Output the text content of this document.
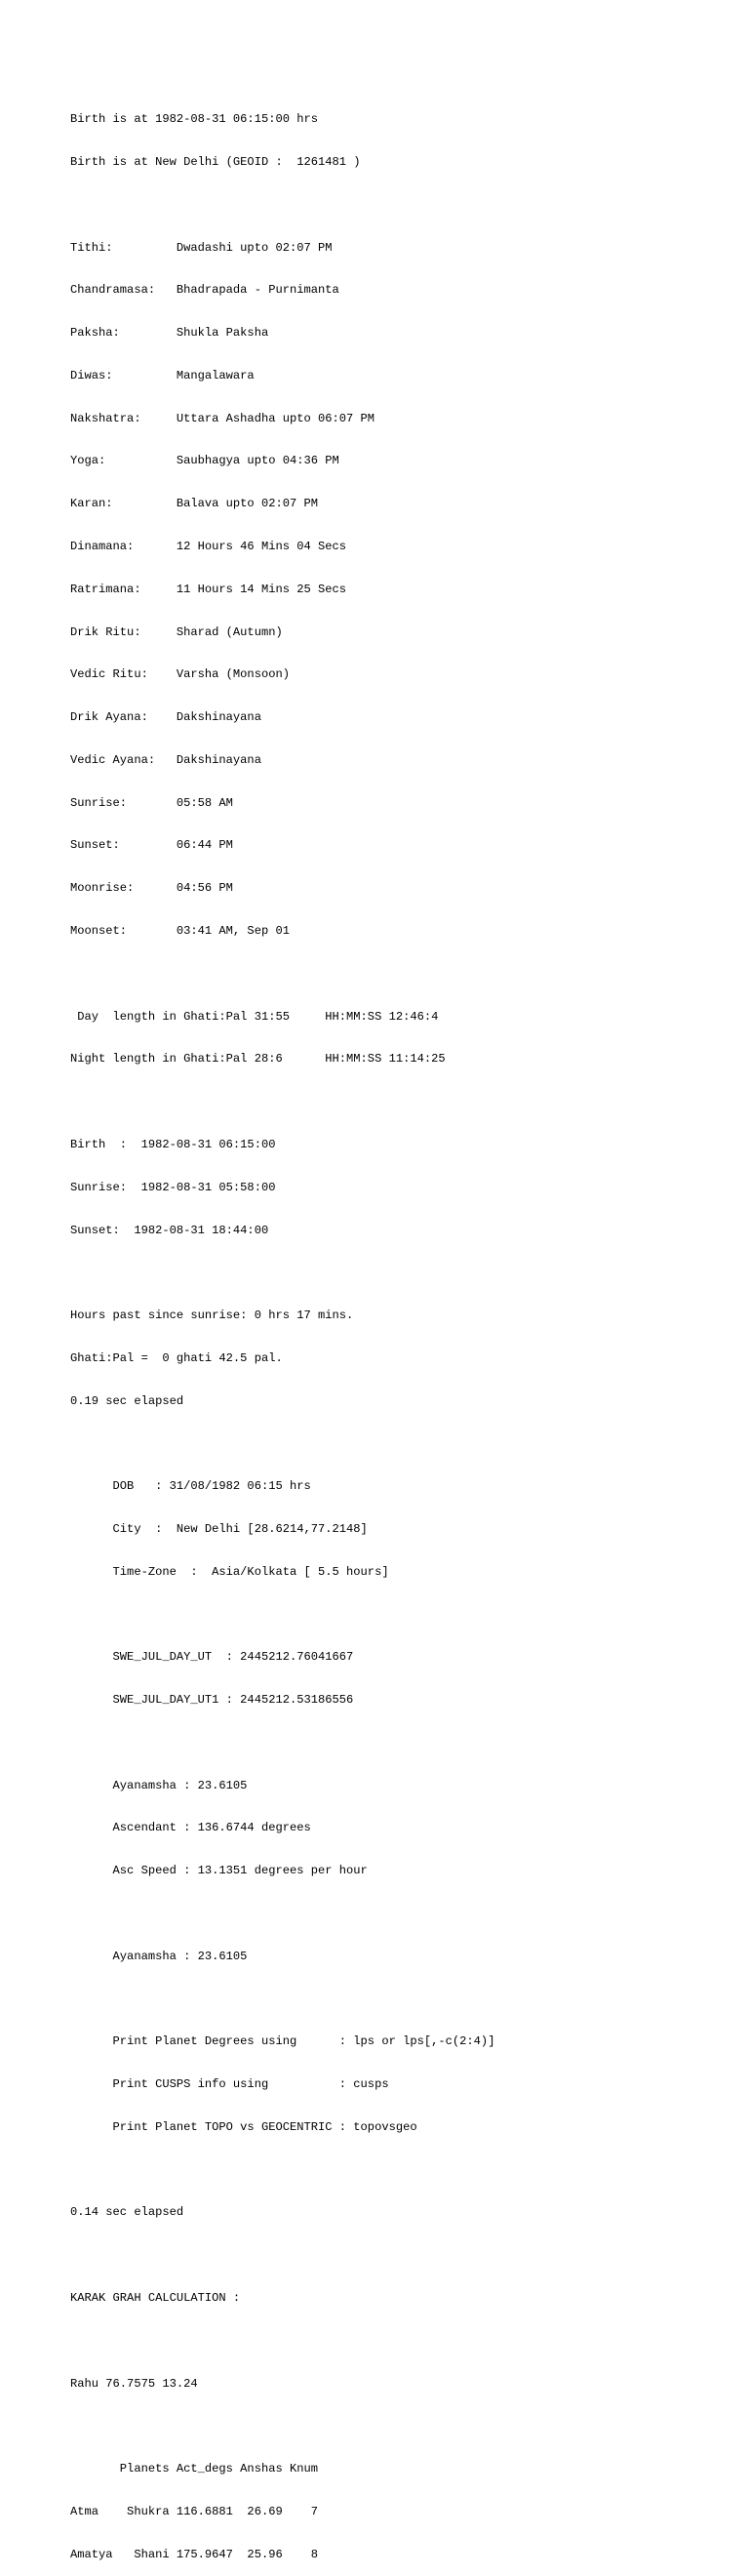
Birth is at 1982-08-31 06:15:00 hrs

Birth is at New Delhi (GEOID :  1261481 )

Tithi:         Dwadashi upto 02:07 PM

Chandramasa:   Bhadrapada - Purnimanta

Paksha:        Shukla Paksha

Diwas:         Mangalawara

Nakshatra:     Uttara Ashadha upto 06:07 PM

Yoga:          Saubhagya upto 04:36 PM

Karan:         Balava upto 02:07 PM

Dinamana:      12 Hours 46 Mins 04 Secs

Ratrimana:     11 Hours 14 Mins 25 Secs

Drik Ritu:     Sharad (Autumn)

Vedic Ritu:    Varsha (Monsoon)

Drik Ayana:    Dakshinayana

Vedic Ayana:   Dakshinayana

Sunrise:       05:58 AM

Sunset:        06:44 PM

Moonrise:      04:56 PM

Moonset:       03:41 AM, Sep 01

Day  length in Ghati:Pal 31:55     HH:MM:SS 12:46:4

Night length in Ghati:Pal 28:6      HH:MM:SS 11:14:25

Birth  :  1982-08-31 06:15:00

Sunrise:  1982-08-31 05:58:00

Sunset:  1982-08-31 18:44:00

Hours past since sunrise: 0 hrs 17 mins.

Ghati:Pal =  0 ghati 42.5 pal.

0.19 sec elapsed

DOB   : 31/08/1982 06:15 hrs

City  :  New Delhi [28.6214,77.2148]

Time-Zone  :  Asia/Kolkata [ 5.5 hours]

SWE_JUL_DAY_UT  : 2445212.76041667

SWE_JUL_DAY_UT1 : 2445212.53186556

Ayanamsha : 23.6105

Ascendant : 136.6744 degrees

Asc Speed : 13.1351 degrees per hour

Ayanamsha : 23.6105

Print Planet Degrees using      : lps or lps[,-c(2:4)]

Print CUSPS info using          : cusps

Print Planet TOPO vs GEOCENTRIC : topovsgeo

0.14 sec elapsed

KARAK GRAH CALCULATION :

Rahu 76.7575 13.24

Planets Act_degs Anshas Knum

Atma    Shukra 116.6881  26.69    7

Amatya   Shani 175.9647  25.96    8
